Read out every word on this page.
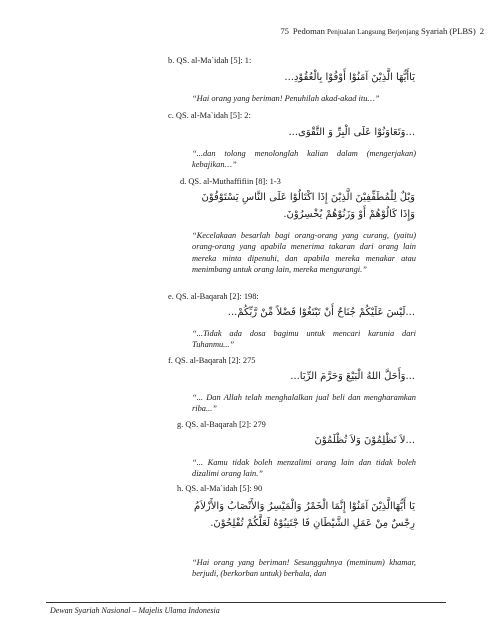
75 Pedoman Penjualan Langsung Berjenjang Syariah (PLBS) 2
b. QS. al-Ma`idah [5]: 1:
يَاأَيُّهَا الَّذِيْنَ آمَنُوْا أَوْفُوْا بِالْعُقُوْدِ...
“Hai orang yang beriman! Penuhilah akad-akad itu…”
c. QS. al-Ma`idah [5]: 2:
...وَتَعَاوَنُوْا عَلَى الْبِرِّ وَ التَّقْوَى...
“...dan tolong menolonglah kalian dalam (mengerjakan) kebajikan…”
d. QS. al-Muthaffifiin [8]: 1-3
وَيْلٌ لِلْمُطَفِّفِيْنَ الَّذِيْنَ إِذَا اكْتَالُوْا عَلَى النَّاسِ يَسْتَوْفُوْنَ وَإِذَا كَالُوْهُمْ أَوْ وَزَنُوْهُمْ يُخْسِرُوْنَ.
“Kecelakaan besarlah bagi orang-orang yang curang, (yaitu) orang-orang yang apabila menerima takaran dari orang lain mereka minta dipenuhi, dan apabila mereka menakar atau menimbang untuk orang lain, mereka mengurangi.”
e. QS. al-Baqarah [2]: 198:
...لَيْسَ عَلَيْكُمْ جُنَاحٌ أَنْ تَبْتَغُوْا فَضْلاً مِّنْ رَّبِّكُمْ...
“...Tidak ada dosa bagimu untuk mencari karunia dari Tuhanmu...”
f. QS. al-Baqarah [2]: 275
...وَأَحَلَّ اللهُ الْبَيْعَ وَحَرَّمَ الرِّبَا...
“... Dan Allah telah menghalalkan jual beli dan mengharamkan riba...”
g. QS. al-Baqarah [2]: 279
...لاَ تَظْلِمُوْنَ وَلاَ تُظْلَمُوْنَ
“... Kamu tidak boleh menzalimi orang lain dan tidak boleh dizalimi orang lain.”
h. QS. al-Ma`idah [5]: 90
يَا أَيُّهَاالَّذِيْنَ آمَنُوْا إِنَّمَا الْخَمْرُ وَالْمَيْسِرُ وَالأَنْصَابُ وَالأَزْلاَمُ رِجْسٌ مِنْ عَمَلِ الشَّيْطَانِ فَا جْتَنِبُوْهُ لَعَلَّكُمْ تُفْلِحُوْنَ.
“Hai orang yang beriman! Sesungguhnya (meminum) khamar, berjudi, (berkorban untuk) berhala, dan
Dewan Syariah Nasional – Majelis Ulama Indonesia
